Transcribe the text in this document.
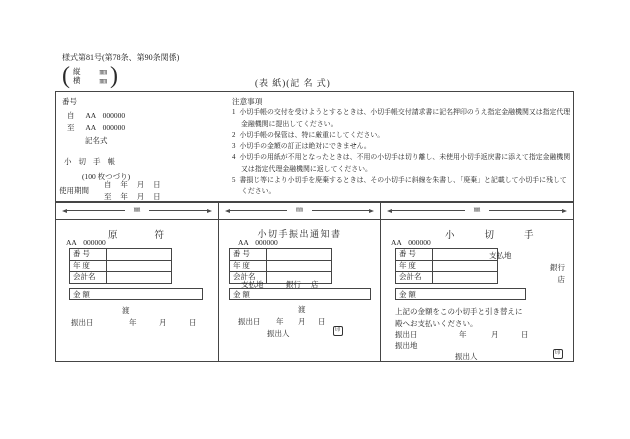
様式第81号(第78条、第90条関係)
( 縦	㎜
横	㎜ )	(表 紙)(記 名 式)
番号
自 AA 000000
至 AA 000000
記名式
小切手帳
(100 枚つづり)
使用期間
自 年 月 日
至 年 月 日
注意事項
1 小切手帳の交付を受けようとするときは、小切手帳交付請求書に記名押印のうえ指定金融機関又は指定代理金融機関に提出してください。
2 小切手帳の保管は、特に厳重にしてください。
3 小切手の金額の訂正は絶対にできません。
4 小切手の用紙が不用となったときは、不用の小切手は切り離し、未使用小切手返戻書に添えて指定金融機関又は指定代理金融機関に返してください。
5 書損じ等により小切手を廃棄するときは、その小切手に斜線を朱書し、「廃棄」と記載して小切手に残してください。
㎜
原符
AA 000000
番 号
年 度
会計名
金 額
渡
振出日	年	月	日
㎜
小切手振出通知書
AA 000000
番 号
年 度
会計名
支払地	銀行 店
金 額
渡
振出日 年 月 日
振出人	印
㎜
小切手
AA 000000
番 号
年 度
会計名
支払地
銀行
店
金 額
上記の金額をこの小切手と引き替えに
殿へお支払いください。
振出日	年	月	日
振出地
振出人	印
